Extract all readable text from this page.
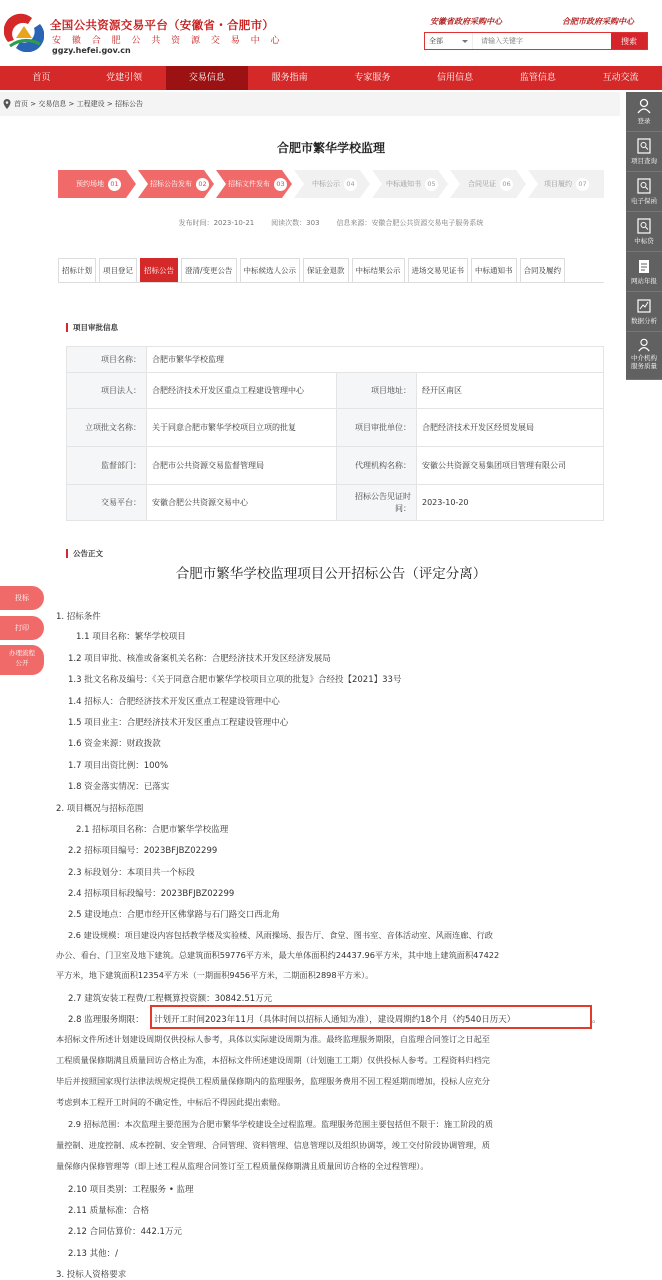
全国公共资源交易平台（安徽省・合肥市）
安 徽 合 肥 公 共 资 源 交 易 中 心
ggzy.hefei.gov.cn
安徽省政府采购中心	合肥市政府采购中心
全部
请输入关键字	搜索
首页	党建引领	交易信息	服务指南	专家服务	信用信息	监管信息	互动交流
首页 > 交易信息 > 工程建设 > 招标公告
登录
项目查询
电子保函
中标贷
网站年报
数据分析
中介机构服务质量
合肥市繁华学校监理
预约场地 01	招标公告发布 02	招标文件发布 03	中标公示 04	中标通知书 05	合同见证 06	项目履约 07
发布时间：2023-10-21 阅读次数：303 信息来源：安徽合肥公共资源交易电子服务系统
招标计划	项目登记	招标公告	澄清/变更公告	中标候选人公示	保证金退款	中标结果公示	进场交易见证书	中标通知书	合同及履约
项目审批信息
项目名称：	合肥市繁华学校监理		
项目法人：	合肥经济技术开发区重点工程建设管理中心	项目地址：	经开区南区
立项批文名称：	关于同意合肥市繁华学校项目立项的批复	项目审批单位：	合肥经济技术开发区经贸发展局
监督部门：	合肥市公共资源交易监督管理局	代理机构名称：	安徽公共资源交易集团项目管理有限公司
交易平台：	安徽合肥公共资源交易中心	招标公告见证时间：	2023-10-20
公告正文
合肥市繁华学校监理项目公开招标公告（评定分离）
投标
打印
办理流程公开
1. 招标条件
1.1 项目名称：繁华学校项目
1.2 项目审批、核准或备案机关名称：合肥经济技术开发区经济发展局
1.3 批文名称及编号：《关于同意合肥市繁华学校项目立项的批复》合经投【2021】33号
1.4 招标人：合肥经济技术开发区重点工程建设管理中心
1.5 项目业主：合肥经济技术开发区重点工程建设管理中心
1.6 资金来源：财政拨款
1.7 项目出资比例：100%
1.8 资金落实情况：已落实
2. 项目概况与招标范围
2.1 招标项目名称：合肥市繁华学校监理
2.2 招标项目编号：2023BFJBZ02299
2.3 标段划分：本项目共一个标段
2.4 招标项目标段编号：2023BFJBZ02299
2.5 建设地点：合肥市经开区佛掌路与石门路交口西北角
2.6 建设规模：项目建设内容包括教学楼及实验楼、风雨操场、报告厅、食堂、图书室、音体活动室、风雨连廊、行政
办公、看台、门卫室及地下建筑。总建筑面积59776平方米，最大单体面积约24437.96平方米，其中地上建筑面积47422
平方米，地下建筑面积12354平方米（一期面积9456平方米，二期面积2898平方米）。
2.7 建筑安装工程费/工程概算投资额：30842.51万元
2.8 监理服务期限： 计划开工时间2023年11月（具体时间以招标人通知为准），建设周期约18个月（约540日历天）	。
本招标文件所述计划建设周期仅供投标人参考，具体以实际建设周期为准。最终监理服务期限，自监理合同签订之日起至
工程质量保修期满且质量回访合格止为准，本招标文件所述建设周期（计划施工工期）仅供投标人参考。工程资料归档完
毕后并按照国家现行法律法规规定提供工程质量保修期内的监理服务，监理服务费用不因工程延期而增加，投标人应充分
考虑到本工程开工时间的不确定性，中标后不得因此提出索赔。
2.9 招标范围：本次监理主要范围为合肥市繁华学校建设全过程监理。监理服务范围主要包括但不限于：施工阶段的质
量控制、进度控制、成本控制、安全管理、合同管理、资料管理、信息管理以及组织协调等，竣工交付阶段协调管理，质
量保修内保修管理等（即上述工程从监理合同签订至工程质量保修期满且质量回访合格的全过程管理）。
2.10 项目类别：工程服务 • 监理
2.11 质量标准：合格
2.12 合同估算价：442.1万元
2.13 其他：/
3. 投标人资格要求
